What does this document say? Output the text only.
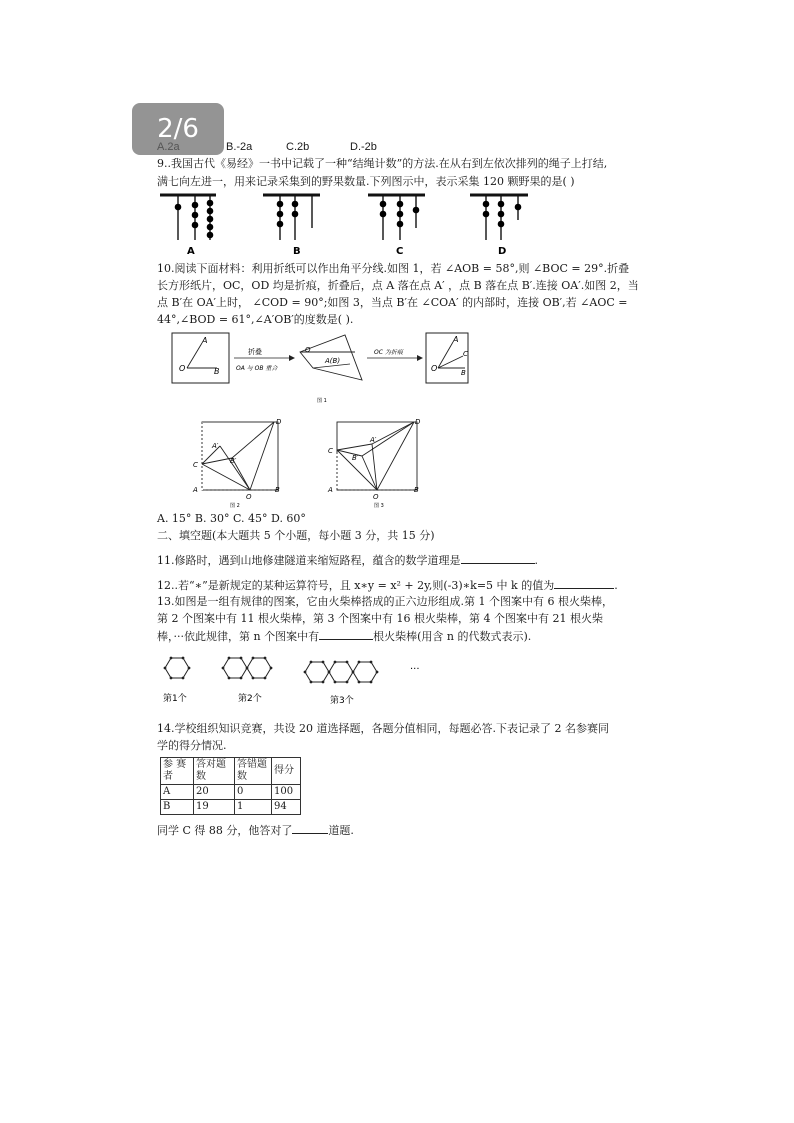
2/6
A.2a	B.-2a	C.2b	D.-2b
9..我国古代《易经》一书中记载了一种“结绳计数”的方法.在从右到左依次排列的绳子上打结,
满七向左进一，用来记录采集到的野果数量.下列图示中，表示采集 120 颗野果的是( )
A	B	C	D
10.阅读下面材料：利用折纸可以作出角平分线.如图 1，若 ∠AOB = 58°,则 ∠BOC = 29°.折叠
长方形纸片，OC，OD 均是折痕，折叠后，点 A 落在点 A′ ，点 B 落在点 B′.连接 OA′.如图 2，当
点 B′在 OA′上时， ∠COD = 90°;如图 3，当点 B′在 ∠COA′ 的内部时，连接 OB′,若 ∠AOC =
44°,∠BOD = 61°,∠A′OB′的度数是( ).
A
O	B
折叠
OA 与 OB 重合
O
A(B)
OC 为折痕
A
C
O	B
图 1
D
C
A′
B′
A
O
B
图 2
D
C
A′
B′
A
O
B
图 3
A. 15° B. 30° C. 45° D. 60°
二、填空题(本大题共 5 个小题，每小题 3 分，共 15 分)
11.修路时，遇到山地修建隧道来缩短路程，蕴含的数学道理是	.
12..若“∗”是新规定的某种运算符号，且 x∗y = x² + 2y,则(-3)∗k=5 中 k 的值为	.
13.如图是一组有规律的图案，它由火柴棒搭成的正六边形组成.第 1 个图案中有 6 根火柴棒，
第 2 个图案中有 11 根火柴棒，第 3 个图案中有 16 根火柴棒，第 4 个图案中有 21 根火柴
棒，···依此规律，第 n 个图案中有	根火柴棒(用含 n 的代数式表示).
···
第1个	第2个	第3个
14.学校组织知识竞赛，共设 20 道选择题，各题分值相同，每题必答.下表记录了 2 名参赛同
学的得分情况.
参 赛者	答对题数	答错题数	得分
A	20	0	100
B	19	1	94
同学 C 得 88 分，他答对了	道题.
